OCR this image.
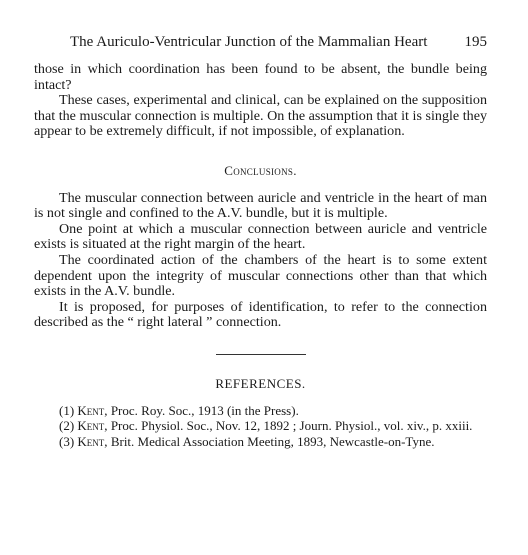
The Auriculo-Ventricular Junction of the Mammalian Heart 195

those in which coordination has been found to be absent, the bundle being intact?

These cases, experimental and clinical, can be explained on the supposition that the muscular connection is multiple. On the assumption that it is single they appear to be extremely difficult, if not impossible, of explanation.

Conclusions.

The muscular connection between auricle and ventricle in the heart of man is not single and confined to the A.V. bundle, but it is multiple.

One point at which a muscular connection between auricle and ventricle exists is situated at the right margin of the heart.

The coordinated action of the chambers of the heart is to some extent dependent upon the integrity of muscular connections other than that which exists in the A.V. bundle.

It is proposed, for purposes of identification, to refer to the connection described as the “ right lateral ” connection.

REFERENCES.
(1) Kent, Proc. Roy. Soc., 1913 (in the Press).
(2) Kent, Proc. Physiol. Soc., Nov. 12, 1892 ; Journ. Physiol., vol. xiv., p. xxiii.
(3) Kent, Brit. Medical Association Meeting, 1893, Newcastle-on-Tyne.
